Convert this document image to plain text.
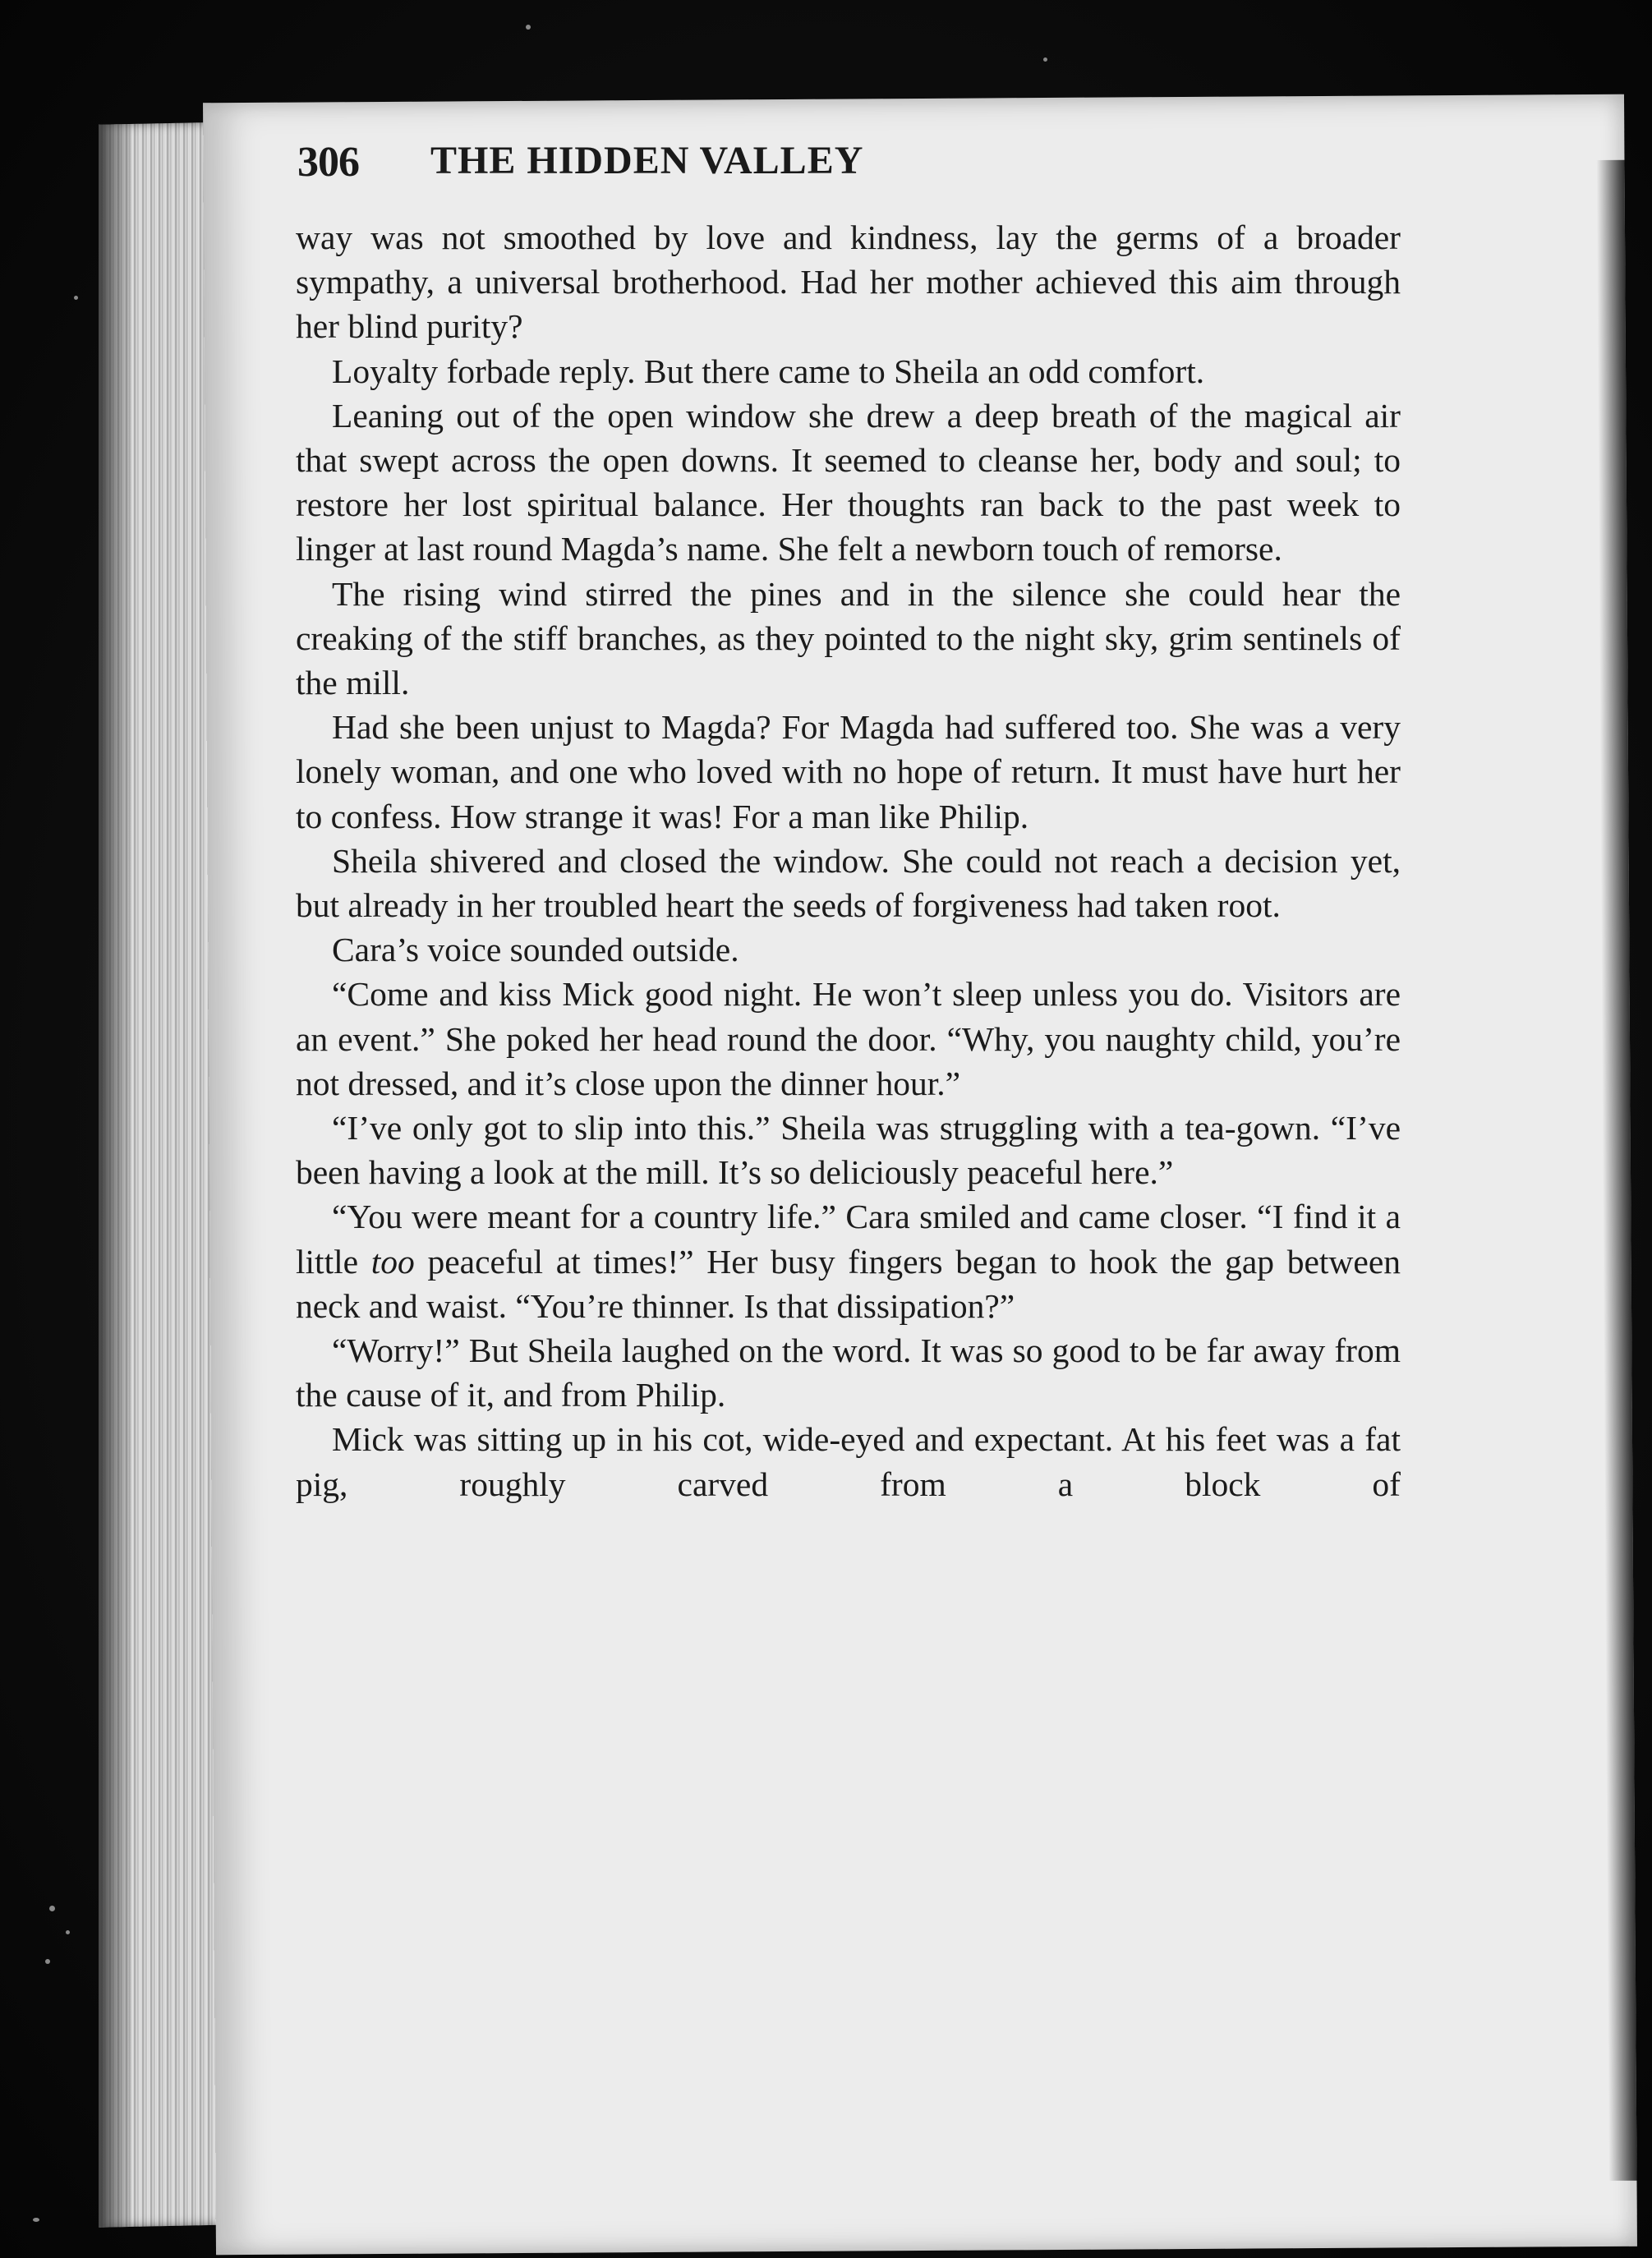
306 THE HIDDEN VALLEY

way was not smoothed by love and kindness, lay the germs of a broader sympathy, a universal brotherhood. Had her mother achieved this aim through her blind purity?

Loyalty forbade reply. But there came to Sheila an odd comfort.

Leaning out of the open window she drew a deep breath of the magical air that swept across the open downs. It seemed to cleanse her, body and soul; to restore her lost spiritual balance. Her thoughts ran back to the past week to linger at last round Magda’s name. She felt a newborn touch of remorse.

The rising wind stirred the pines and in the silence she could hear the creaking of the stiff branches, as they pointed to the night sky, grim sentinels of the mill.

Had she been unjust to Magda? For Magda had suffered too. She was a very lonely woman, and one who loved with no hope of return. It must have hurt her to confess. How strange it was! For a man like Philip.

Sheila shivered and closed the window. She could not reach a decision yet, but already in her troubled heart the seeds of forgiveness had taken root.

Cara’s voice sounded outside.

“Come and kiss Mick good night. He won’t sleep unless you do. Visitors are an event.” She poked her head round the door. “Why, you naughty child, you’re not dressed, and it’s close upon the dinner hour.”

“I’ve only got to slip into this.” Sheila was struggling with a tea-gown. “I’ve been having a look at the mill. It’s so deliciously peaceful here.”

“You were meant for a country life.” Cara smiled and came closer. “I find it a little too peaceful at times!” Her busy fingers began to hook the gap between neck and waist. “You’re thinner. Is that dissipation?”

“Worry!” But Sheila laughed on the word. It was so good to be far away from the cause of it, and from Philip.

Mick was sitting up in his cot, wide-eyed and expectant. At his feet was a fat pig, roughly carved from a block of
